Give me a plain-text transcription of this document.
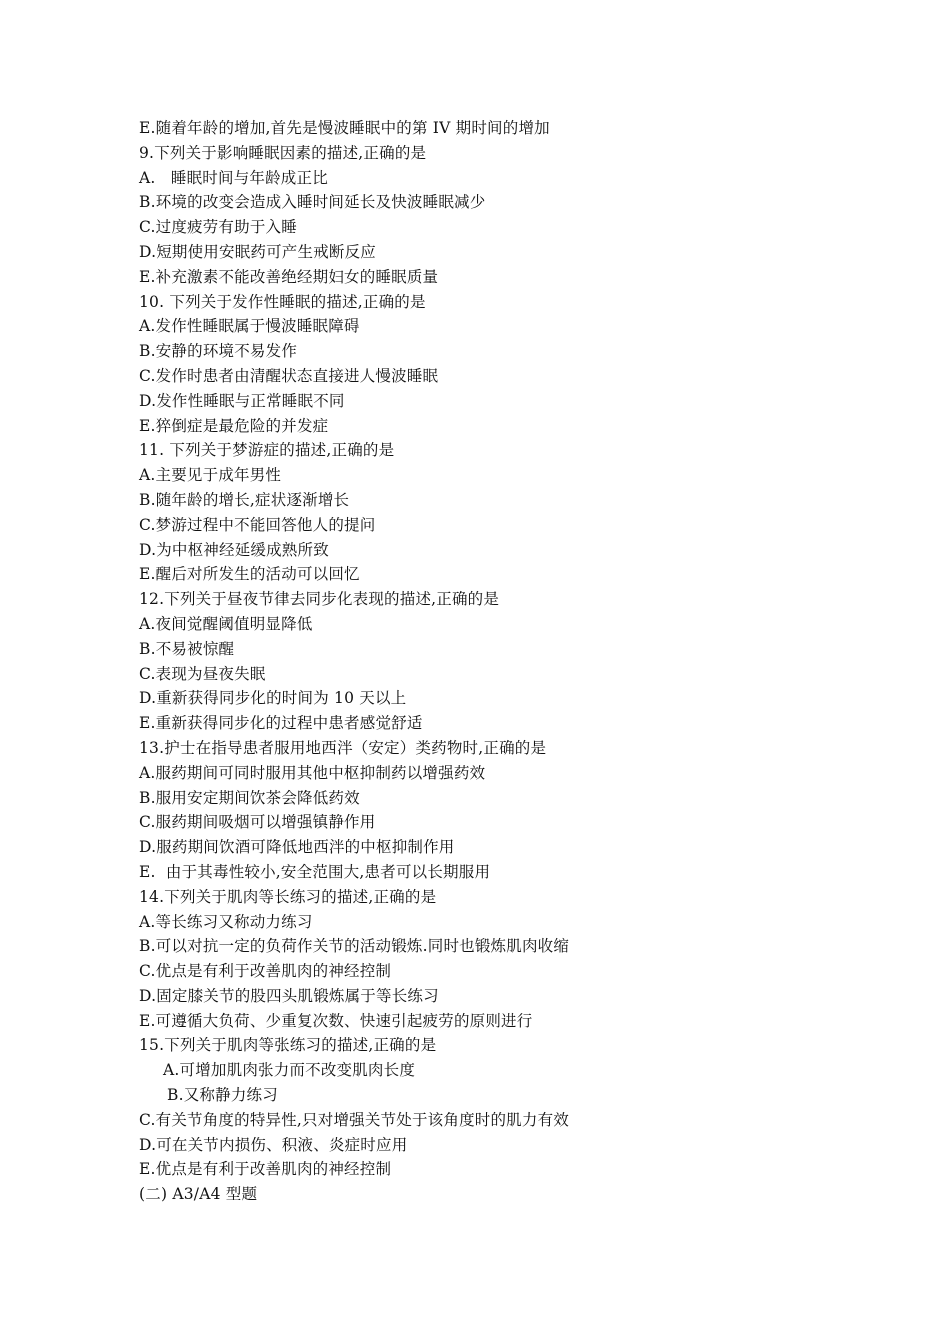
E.随着年龄的增加,首先是慢波睡眠中的第 IV 期时间的增加
9.下列关于影响睡眠因素的描述,正确的是
A.   睡眠时间与年龄成正比
B.环境的改变会造成入睡时间延长及快波睡眠减少
C.过度疲劳有助于入睡
D.短期使用安眠药可产生戒断反应
E.补充激素不能改善绝经期妇女的睡眠质量
10. 下列关于发作性睡眠的描述,正确的是
A.发作性睡眠属于慢波睡眠障碍
B.安静的环境不易发作
C.发作时患者由清醒状态直接进人慢波睡眠
D.发作性睡眠与正常睡眠不同
E.猝倒症是最危险的并发症
11. 下列关于梦游症的描述,正确的是
A.主要见于成年男性
B.随年龄的增长,症状逐渐增长
C.梦游过程中不能回答他人的提问
D.为中枢神经延缓成熟所致
E.醒后对所发生的活动可以回忆
12.下列关于昼夜节律去同步化表现的描述,正确的是
A.夜间觉醒阈值明显降低
B.不易被惊醒
C.表现为昼夜失眠
D.重新获得同步化的时间为 10 天以上
E.重新获得同步化的过程中患者感觉舒适
13.护士在指导患者服用地西泮（安定）类药物时,正确的是
A.服药期间可同时服用其他中枢抑制药以增强药效
B.服用安定期间饮茶会降低药效
C.服药期间吸烟可以增强镇静作用
D.服药期间饮酒可降低地西泮的中枢抑制作用
E.  由于其毒性较小,安全范围大,患者可以长期服用
14.下列关于肌肉等长练习的描述,正确的是
A.等长练习又称动力练习
B.可以对抗一定的负荷作关节的活动锻炼.同时也锻炼肌肉收缩
C.优点是有利于改善肌肉的神经控制
D.固定膝关节的股四头肌锻炼属于等长练习
E.可遵循大负荷、少重复次数、快速引起疲劳的原则进行
15.下列关于肌肉等张练习的描述,正确的是
A.可增加肌肉张力而不改变肌肉长度
B.又称静力练习
C.有关节角度的特异性,只对增强关节处于该角度时的肌力有效
D.可在关节内损伤、积液、炎症时应用
E.优点是有利于改善肌肉的神经控制
(二) A3/A4 型题
